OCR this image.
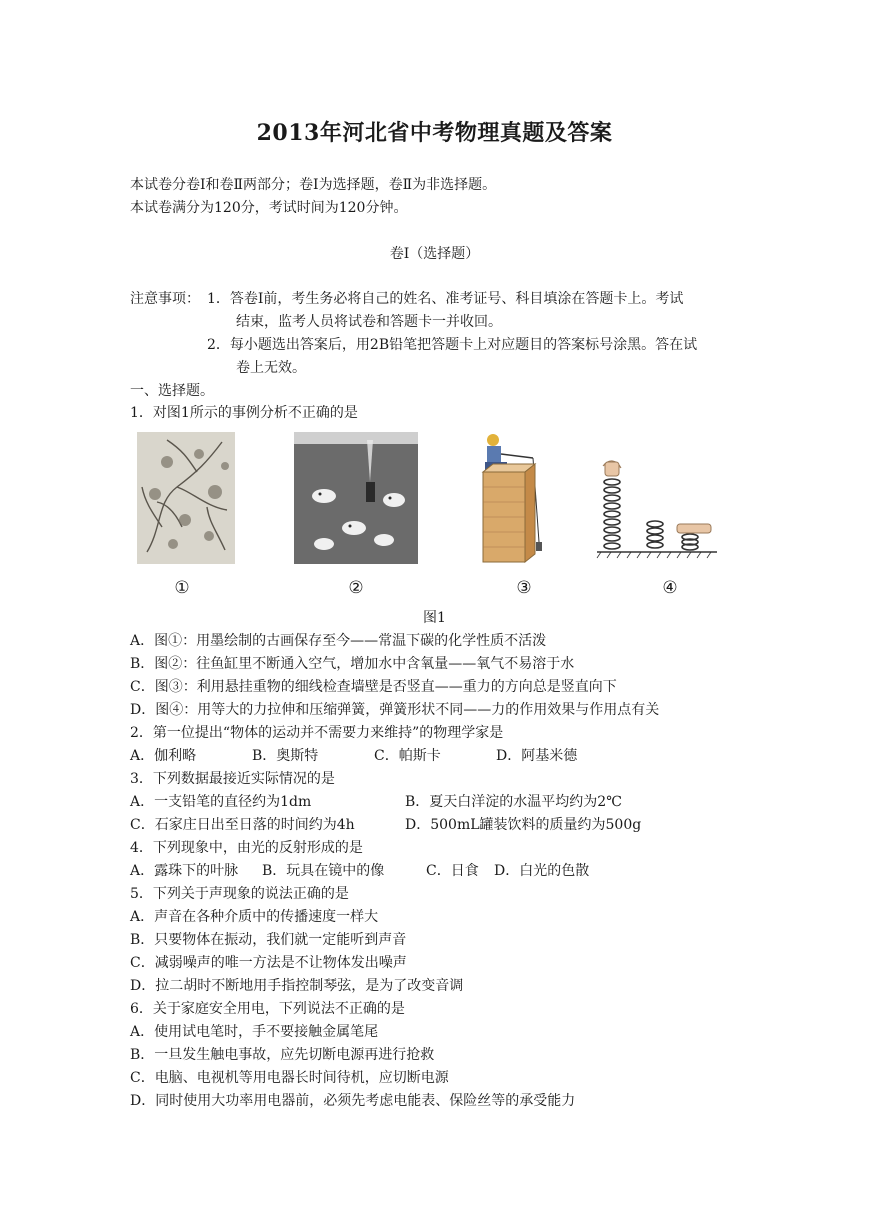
2013年河北省中考物理真题及答案
本试卷分卷Ⅰ和卷Ⅱ两部分；卷Ⅰ为选择题，卷Ⅱ为非选择题。
本试卷满分为120分，考试时间为120分钟。
卷Ⅰ（选择题）
注意事项： 1．答卷Ⅰ前，考生务必将自己的姓名、准考证号、科目填涂在答题卡上。考试
结束，监考人员将试卷和答题卡一并收回。
2．每小题选出答案后，用2B铅笔把答题卡上对应题目的答案标号涂黑。答在试
卷上无效。
一、选择题。
1．对图1所示的事例分析不正确的是
①	②	③	④
图1
A．图①：用墨绘制的古画保存至今——常温下碳的化学性质不活泼
B．图②：往鱼缸里不断通入空气，增加水中含氧量——氧气不易溶于水
C．图③：利用悬挂重物的细线检查墙壁是否竖直——重力的方向总是竖直向下
D．图④：用等大的力拉伸和压缩弹簧，弹簧形状不同——力的作用效果与作用点有关
2．第一位提出“物体的运动并不需要力来维持”的物理学家是
A．伽利略	B．奥斯特	C．帕斯卡	D．阿基米德
3．下列数据最接近实际情况的是
A．一支铅笔的直径约为1dm	B．夏天白洋淀的水温平均约为2℃
C．石家庄日出至日落的时间约为4h	D．500mL罐装饮料的质量约为500g
4．下列现象中，由光的反射形成的是
A．露珠下的叶脉 B．玩具在镜中的像	C．日食 D．白光的色散
5．下列关于声现象的说法正确的是
A．声音在各种介质中的传播速度一样大
B．只要物体在振动，我们就一定能听到声音
C．减弱噪声的唯一方法是不让物体发出噪声
D．拉二胡时不断地用手指控制琴弦，是为了改变音调
6．关于家庭安全用电，下列说法不正确的是
A．使用试电笔时，手不要接触金属笔尾
B．一旦发生触电事故，应先切断电源再进行抢救
C．电脑、电视机等用电器长时间待机，应切断电源
D．同时使用大功率用电器前，必须先考虑电能表、保险丝等的承受能力
